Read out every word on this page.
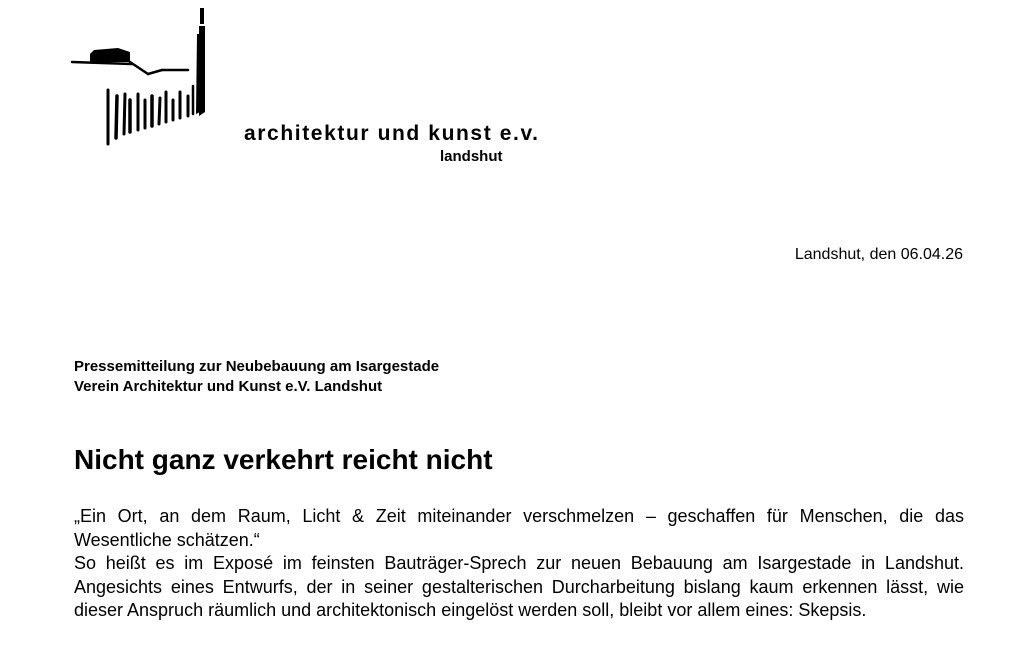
architektur und kunst e.v.
landshut
Landshut, den 06.04.26
Pressemitteilung zur Neubebauung am Isargestade
Verein Architektur und Kunst e.V. Landshut
Nicht ganz verkehrt reicht nicht

„Ein Ort, an dem Raum, Licht & Zeit miteinander verschmelzen – geschaffen für Menschen, die das Wesentliche schätzen.“

So heißt es im Exposé im feinsten Bauträger-Sprech zur neuen Bebauung am Isargestade in Landshut. Angesichts eines Entwurfs, der in seiner gestalterischen Durcharbeitung bislang kaum erkennen lässt, wie dieser Anspruch räumlich und architektonisch eingelöst werden soll, bleibt vor allem eines: Skepsis.
